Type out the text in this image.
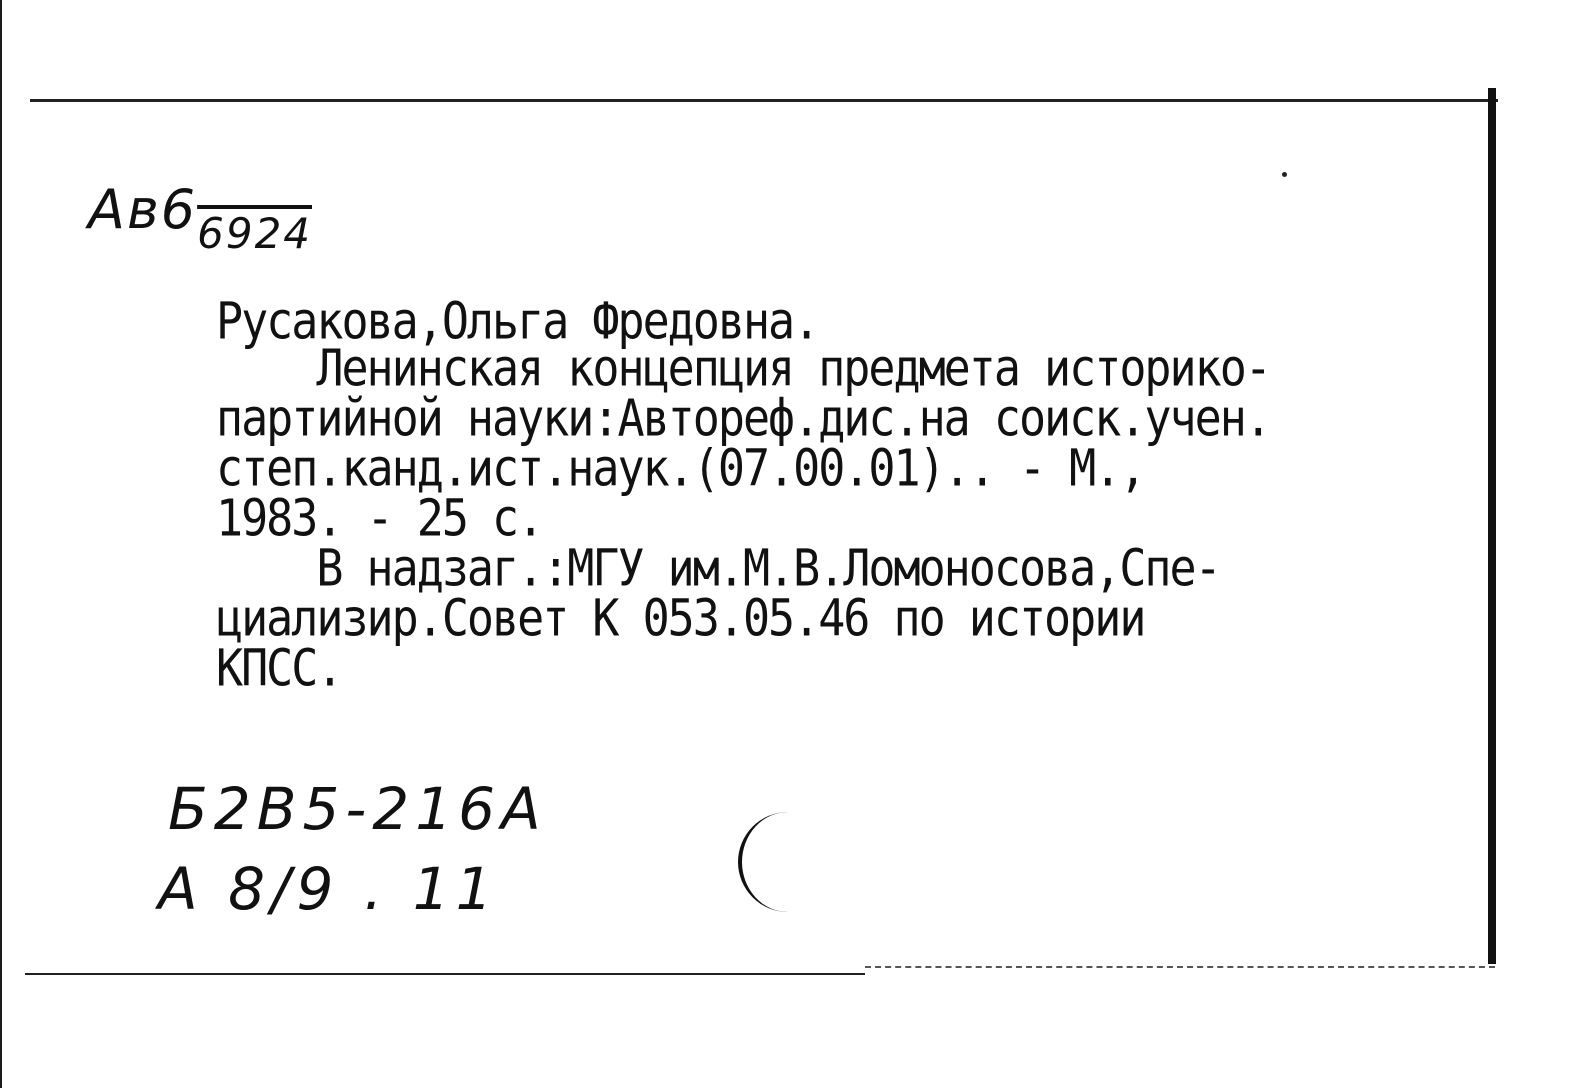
$Ав6_{6924}$
Русакова,Ольга Фредовна.
Ленинская концепция предмета историко-
партийной науки:Автореф.дис.на соиск.учен.
степ.канд.ист.наук.(07.00.01).. - М.,
1983. - 25 с.
В надзаг.:МГУ им.М.В.Ломоносова,Спе-
циализир.Совет К 053.05.46 по истории
КПСС.
Б2В5-216А
А 8/9 . 11
